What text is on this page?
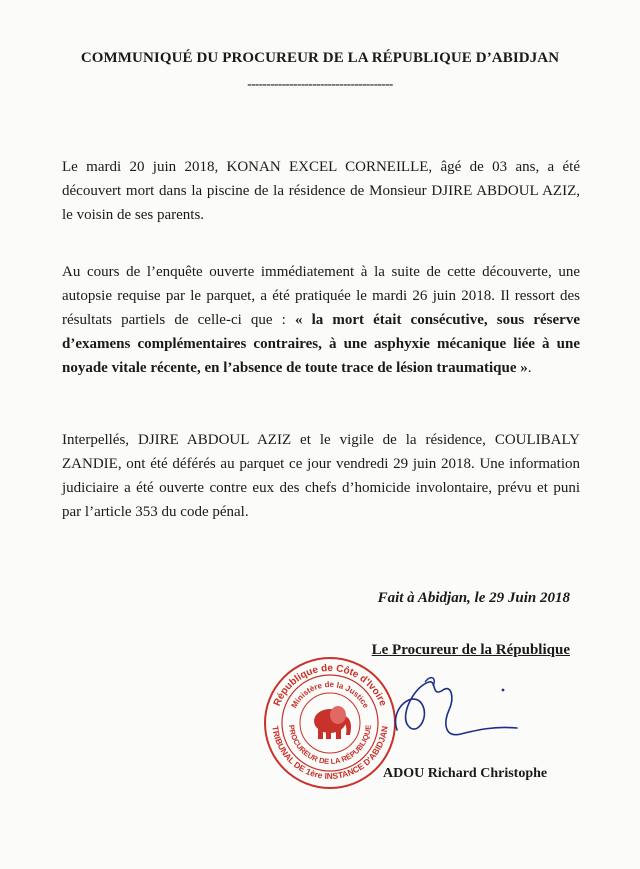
COMMUNIQUÉ DU PROCUREUR DE LA RÉPUBLIQUE D’ABIDJAN
--------------------------------------

Le mardi 20 juin 2018, KONAN EXCEL CORNEILLE, âgé de 03 ans, a été découvert mort dans la piscine de la résidence de Monsieur DJIRE ABDOUL AZIZ, le voisin de ses parents.

Au cours de l’enquête ouverte immédiatement à la suite de cette découverte, une autopsie requise par le parquet, a été pratiquée le mardi 26 juin 2018. Il ressort des résultats partiels de celle-ci que : « la mort était consécutive, sous réserve d’examens complémentaires contraires, à une asphyxie mécanique liée à une noyade vitale récente, en l’absence de toute trace de lésion traumatique ».

Interpellés, DJIRE ABDOUL AZIZ et le vigile de la résidence, COULIBALY ZANDIE, ont été déférés au parquet ce jour vendredi 29 juin 2018. Une information judiciaire a été ouverte contre eux des chefs d’homicide involontaire, prévu et puni par l’article 353 du code pénal.

Fait à Abidjan, le 29 Juin 2018
Le Procureur de la République
République de Côte d'Ivoire
Ministère de la Justice
TRIBUNAL DE 1ère INSTANCE D'ABIDJAN
PROCUREUR DE LA RÉPUBLIQUE
ADOU Richard Christophe
